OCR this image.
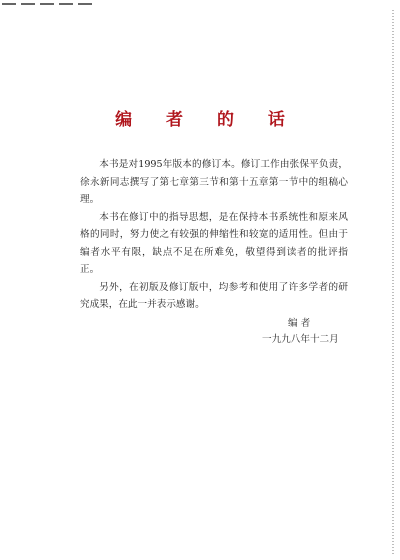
编 者 的 话

本书是对1995年版本的修订本。修订工作由张保平负责，徐永新同志撰写了第七章第三节和第十五章第一节中的组稿心理。

本书在修订中的指导思想，是在保持本书系统性和原来风格的同时，努力使之有较强的伸缩性和较宽的适用性。但由于编者水平有限，缺点不足在所难免，敬望得到读者的批评指正。

另外，在初版及修订版中，均参考和使用了许多学者的研究成果，在此一并表示感谢。

编 者
一九九八年十二月
